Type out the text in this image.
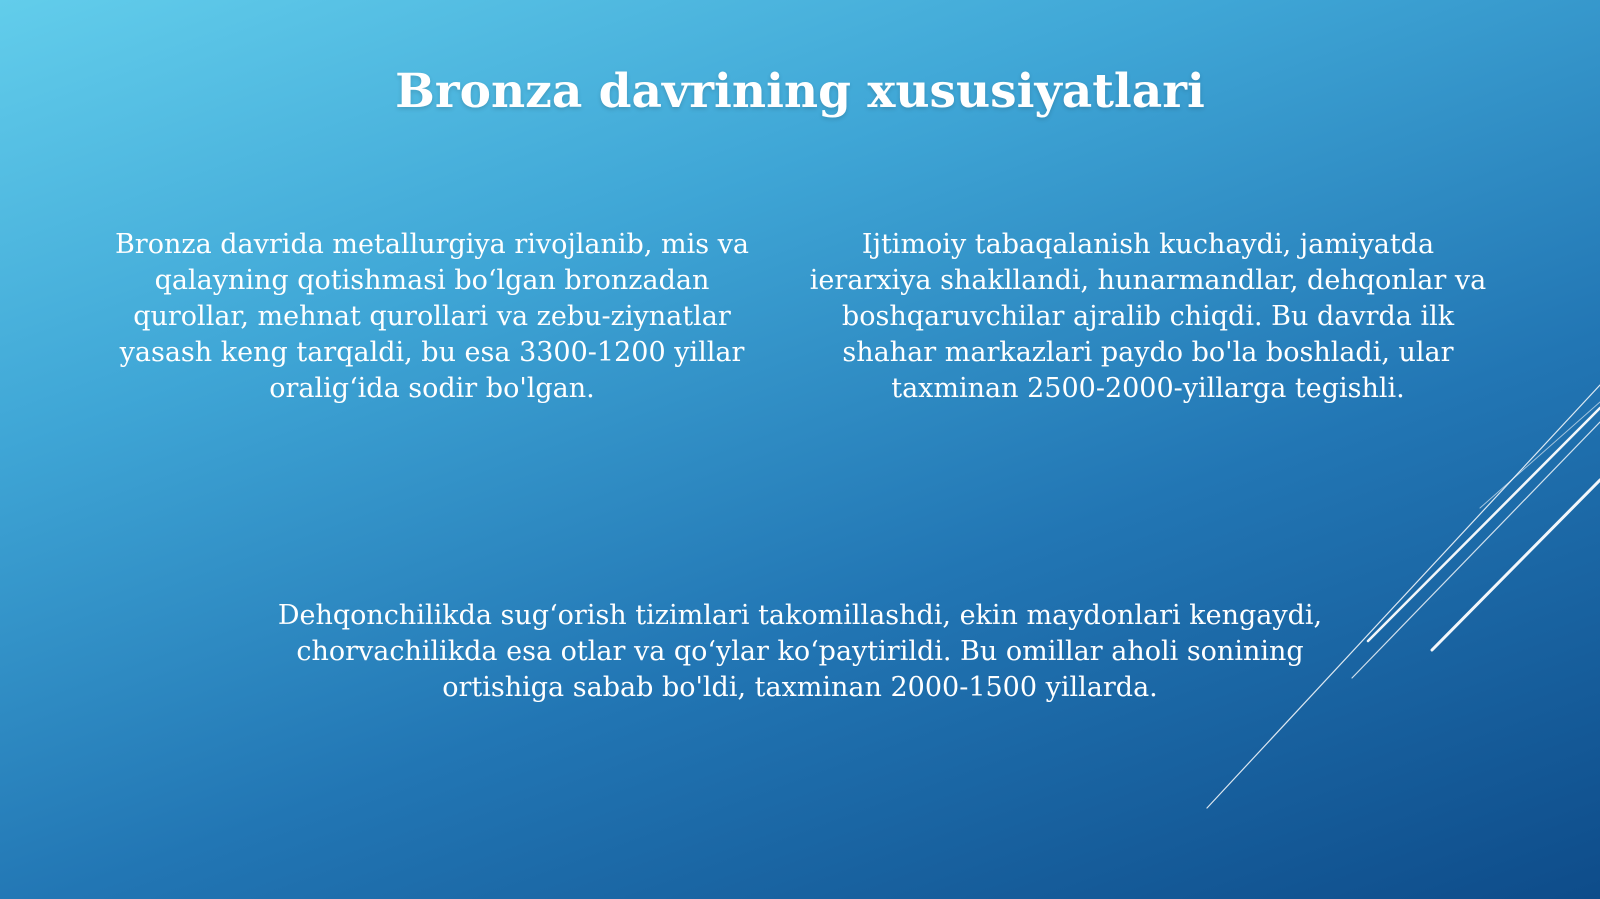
Bronza davrining xususiyatlari

Bronza davrida metallurgiya rivojlanib, mis va qalayning qotishmasi bo‘lgan bronzadan qurollar, mehnat qurollari va zebu-ziynatlar yasash keng tarqaldi, bu esa 3300-1200 yillar oralig‘ida sodir bo'lgan.

Ijtimoiy tabaqalanish kuchaydi, jamiyatda ierarxiya shakllandi, hunarmandlar, dehqonlar va boshqaruvchilar ajralib chiqdi. Bu davrda ilk shahar markazlari paydo bo'la boshladi, ular taxminan 2500-2000-yillarga tegishli.

Dehqonchilikda sug‘orish tizimlari takomillashdi, ekin maydonlari kengaydi, chorvachilikda esa otlar va qo‘ylar ko‘paytirildi. Bu omillar aholi sonining ortishiga sabab bo'ldi, taxminan 2000-1500 yillarda.
